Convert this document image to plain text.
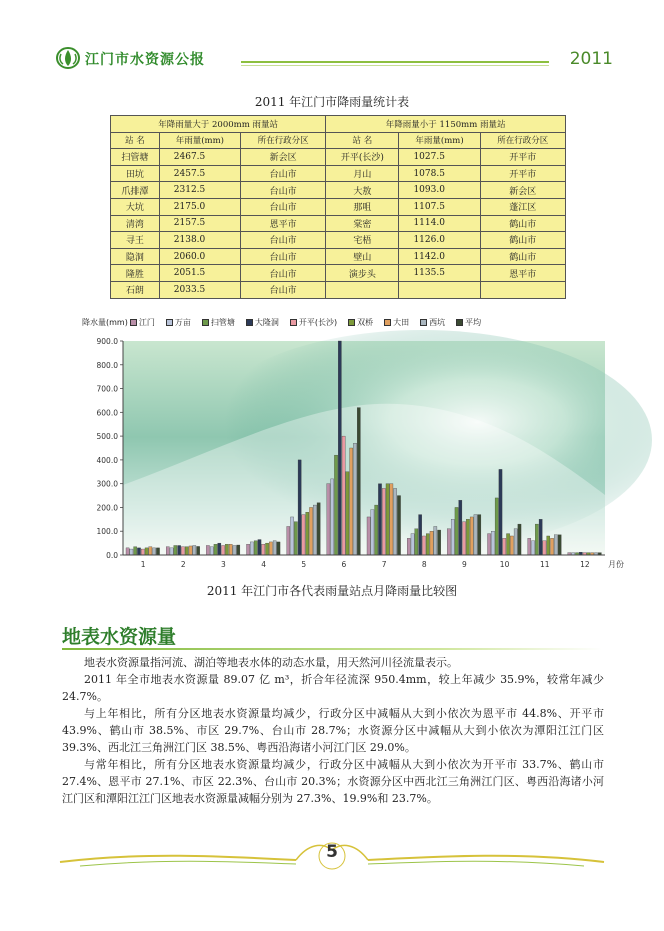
江门市水资源公报	2011
2011 年江门市降雨量统计表
年降雨量大于 2000mm 雨量站			年降雨量小于 1150mm 雨量站		
站 名	年雨量(mm)	所在行政分区	站 名	年雨量(mm)	所在行政分区
扫管塘	2467.5	新会区	开平(长沙)	1027.5	开平市
田坑	2457.5	台山市	月山	1078.5	开平市
爪排潭	2312.5	台山市	大敖	1093.0	新会区
大坑	2175.0	台山市	那咀	1107.5	蓬江区
清湾	2157.5	恩平市	棠密	1114.0	鹤山市
寻王	2138.0	台山市	宅梧	1126.0	鹤山市
隐洞	2060.0	台山市	壁山	1142.0	鹤山市
隆胜	2051.5	台山市	演步头	1135.5	恩平市
石朗	2033.5	台山市			
降水量(mm) 江门	万亩	扫管塘	大隆洞	开平(长沙)	双桥	大田	西坑	平均
0.0
100.0
200.0
300.0
400.0
500.0
600.0
700.0
800.0
900.0
1	2	3	4	5	6	7	8	9	10	11	12 月份
2011 年江门市各代表雨量站点月降雨量比较图
地表水资源量

地表水资源量指河流、湖泊等地表水体的动态水量，用天然河川径流量表示。

2011 年全市地表水资源量 89.07 亿 m³，折合年径流深 950.4mm，较上年减少 35.9%，较常年减少 24.7%。

与上年相比，所有分区地表水资源量均减少，行政分区中减幅从大到小依次为恩平市 44.8%、开平市 43.9%、鹤山市 38.5%、市区 29.7%、台山市 28.7%；水资源分区中减幅从大到小依次为潭阳江江门区 39.3%、西北江三角洲江门区 38.5%、粤西沿海诸小河江门区 29.0%。

与常年相比，所有分区地表水资源量均减少，行政分区中减幅从大到小依次为开平市 33.7%、鹤山市 27.4%、恩平市 27.1%、市区 22.3%、台山市 20.3%；水资源分区中西北江三角洲江门区、粤西沿海诸小河江门区和潭阳江江门区地表水资源量减幅分别为 27.3%、19.9%和 23.7%。

5
